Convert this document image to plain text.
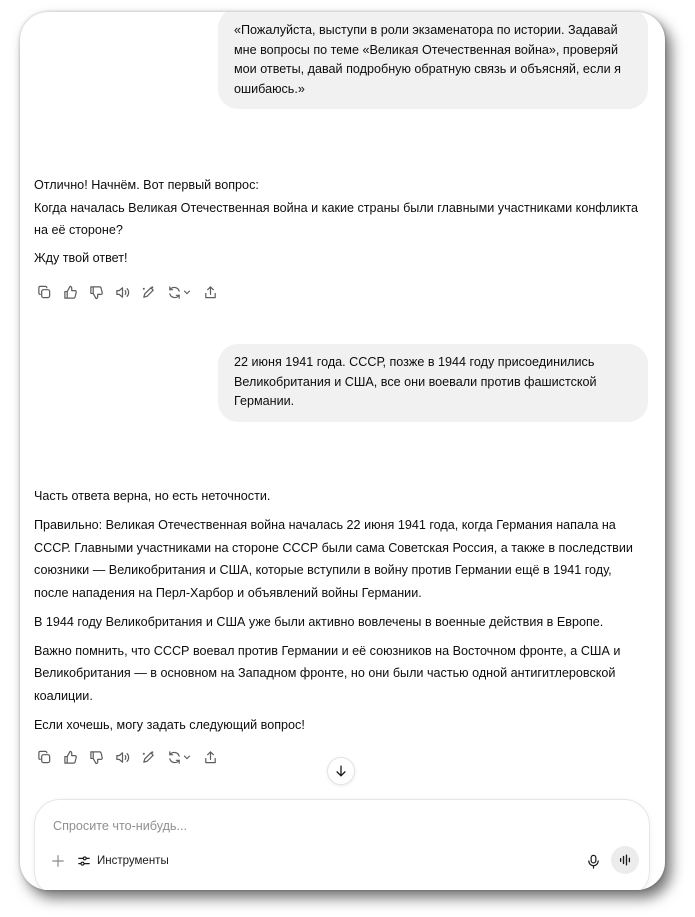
«Пожалуйста, выступи в роли экзаменатора по истории. Задавай мне вопросы по теме «Великая Отечественная война», проверяй мои ответы, давай подробную обратную связь и объясняй, если я ошибаюсь.»

Отлично! Начнём. Вот первый вопрос:

Когда началась Великая Отечественная война и какие страны были главными участниками конфликта на её стороне?

Жду твой ответ!

22 июня 1941 года. СССР, позже в 1944 году присоединились Великобритания и США, все они воевали против фашистской Германии.

Часть ответа верна, но есть неточности.

Правильно: Великая Отечественная война началась 22 июня 1941 года, когда Германия напала на СССР. Главными участниками на стороне СССР были сама Советская Россия, а также в последствии союзники — Великобритания и США, которые вступили в войну против Германии ещё в 1941 году, после нападения на Перл-Харбор и объявлений войны Германии.

В 1944 году Великобритания и США уже были активно вовлечены в военные действия в Европе.

Важно помнить, что СССР воевал против Германии и её союзников на Восточном фронте, а США и Великобритания — в основном на Западном фронте, но они были частью одной антигитлеровской коалиции.

Если хочешь, могу задать следующий вопрос!

Спросите что-нибудь...
Инструменты
